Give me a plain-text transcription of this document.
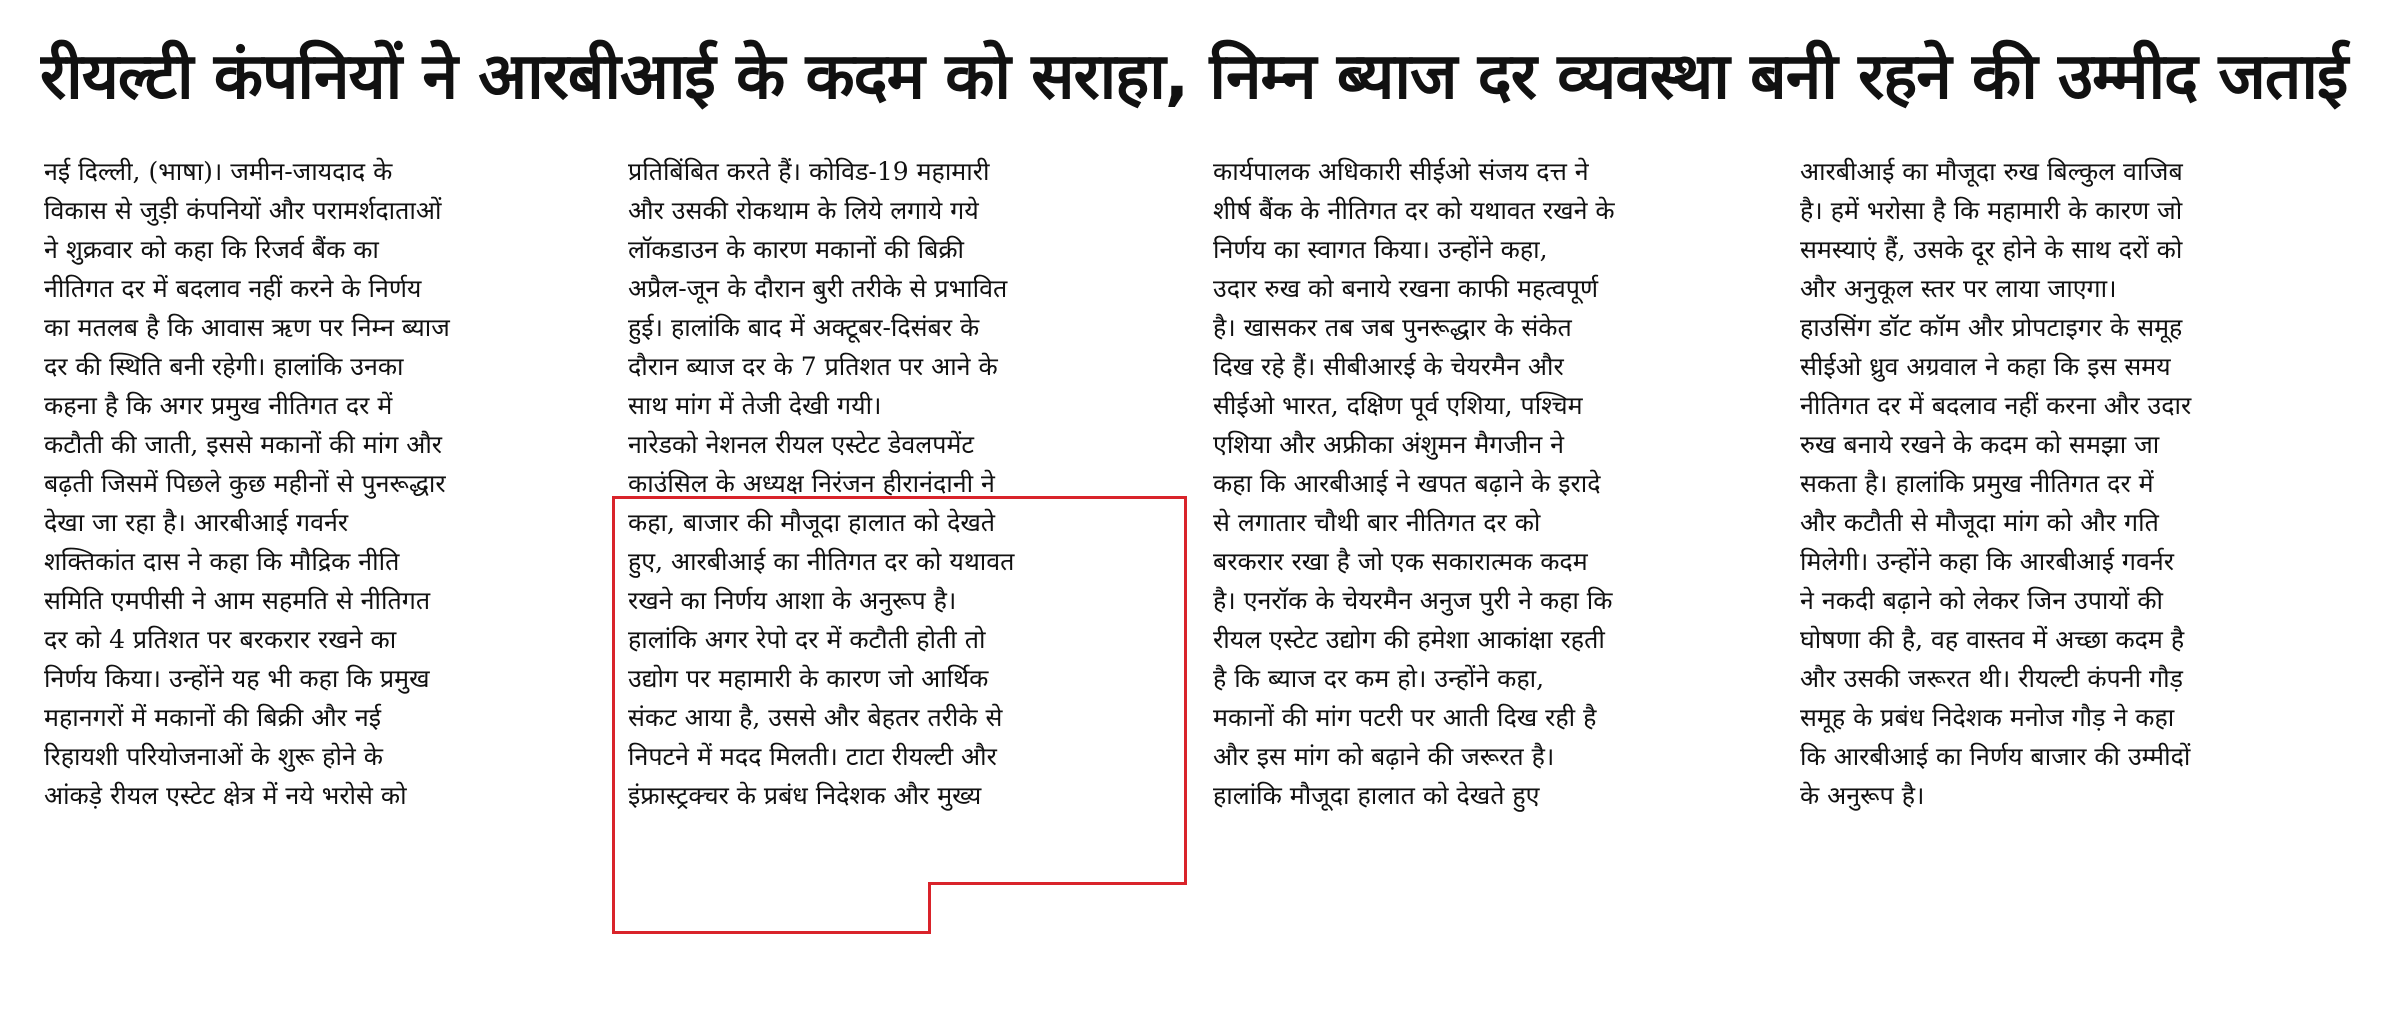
रीयल्टी कंपनियों ने आरबीआई के कदम को सराहा, निम्न ब्याज दर व्यवस्था बनी रहने की उम्मीद जताई
नई दिल्ली, (भाषा)। जमीन-जायदाद के
विकास से जुड़ी कंपनियों और परामर्शदाताओं
ने शुक्रवार को कहा कि रिजर्व बैंक का
नीतिगत दर में बदलाव नहीं करने के निर्णय
का मतलब है कि आवास ऋण पर निम्न ब्याज
दर की स्थिति बनी रहेगी। हालांकि उनका
कहना है कि अगर प्रमुख नीतिगत दर में
कटौती की जाती, इससे मकानों की मांग और
बढ़ती जिसमें पिछले कुछ महीनों से पुनरूद्धार
देखा जा रहा है। आरबीआई गवर्नर
शक्तिकांत दास ने कहा कि मौद्रिक नीति
समिति एमपीसी ने आम सहमति से नीतिगत
दर को 4 प्रतिशत पर बरकरार रखने का
निर्णय किया। उन्होंने यह भी कहा कि प्रमुख
महानगरों में मकानों की बिक्री और नई
रिहायशी परियोजनाओं के शुरू होने के
आंकड़े रीयल एस्टेट क्षेत्र में नये भरोसे को
प्रतिबिंबित करते हैं। कोविड-19 महामारी
और उसकी रोकथाम के लिये लगाये गये
लॉकडाउन के कारण मकानों की बिक्री
अप्रैल-जून के दौरान बुरी तरीके से प्रभावित
हुई। हालांकि बाद में अक्टूबर-दिसंबर के
दौरान ब्याज दर के 7 प्रतिशत पर आने के
साथ मांग में तेजी देखी गयी।
नारेडको नेशनल रीयल एस्टेट डेवलपमेंट
काउंसिल के अध्यक्ष निरंजन हीरानंदानी ने
कहा, बाजार की मौजूदा हालात को देखते
हुए, आरबीआई का नीतिगत दर को यथावत
रखने का निर्णय आशा के अनुरूप है।
हालांकि अगर रेपो दर में कटौती होती तो
उद्योग पर महामारी के कारण जो आर्थिक
संकट आया है, उससे और बेहतर तरीके से
निपटने में मदद मिलती। टाटा रीयल्टी और
इंफ्रास्ट्रक्चर के प्रबंध निदेशक और मुख्य
कार्यपालक अधिकारी सीईओ संजय दत्त ने
शीर्ष बैंक के नीतिगत दर को यथावत रखने के
निर्णय का स्वागत किया। उन्होंने कहा,
उदार रुख को बनाये रखना काफी महत्वपूर्ण
है। खासकर तब जब पुनरूद्धार के संकेत
दिख रहे हैं। सीबीआरई के चेयरमैन और
सीईओ भारत, दक्षिण पूर्व एशिया, पश्चिम
एशिया और अफ्रीका अंशुमन मैगजीन ने
कहा कि आरबीआई ने खपत बढ़ाने के इरादे
से लगातार चौथी बार नीतिगत दर को
बरकरार रखा है जो एक सकारात्मक कदम
है। एनरॉक के चेयरमैन अनुज पुरी ने कहा कि
रीयल एस्टेट उद्योग की हमेशा आकांक्षा रहती
है कि ब्याज दर कम हो। उन्होंने कहा,
मकानों की मांग पटरी पर आती दिख रही है
और इस मांग को बढ़ाने की जरूरत है।
हालांकि मौजूदा हालात को देखते हुए
आरबीआई का मौजूदा रुख बिल्कुल वाजिब
है। हमें भरोसा है कि महामारी के कारण जो
समस्याएं हैं, उसके दूर होने के साथ दरों को
और अनुकूल स्तर पर लाया जाएगा।
हाउसिंग डॉट कॉम और प्रोपटाइगर के समूह
सीईओ ध्रुव अग्रवाल ने कहा कि इस समय
नीतिगत दर में बदलाव नहीं करना और उदार
रुख बनाये रखने के कदम को समझा जा
सकता है। हालांकि प्रमुख नीतिगत दर में
और कटौती से मौजूदा मांग को और गति
मिलेगी। उन्होंने कहा कि आरबीआई गवर्नर
ने नकदी बढ़ाने को लेकर जिन उपायों की
घोषणा की है, वह वास्तव में अच्छा कदम है
और उसकी जरूरत थी। रीयल्टी कंपनी गौड़
समूह के प्रबंध निदेशक मनोज गौड़ ने कहा
कि आरबीआई का निर्णय बाजार की उम्मीदों
के अनुरूप है।
